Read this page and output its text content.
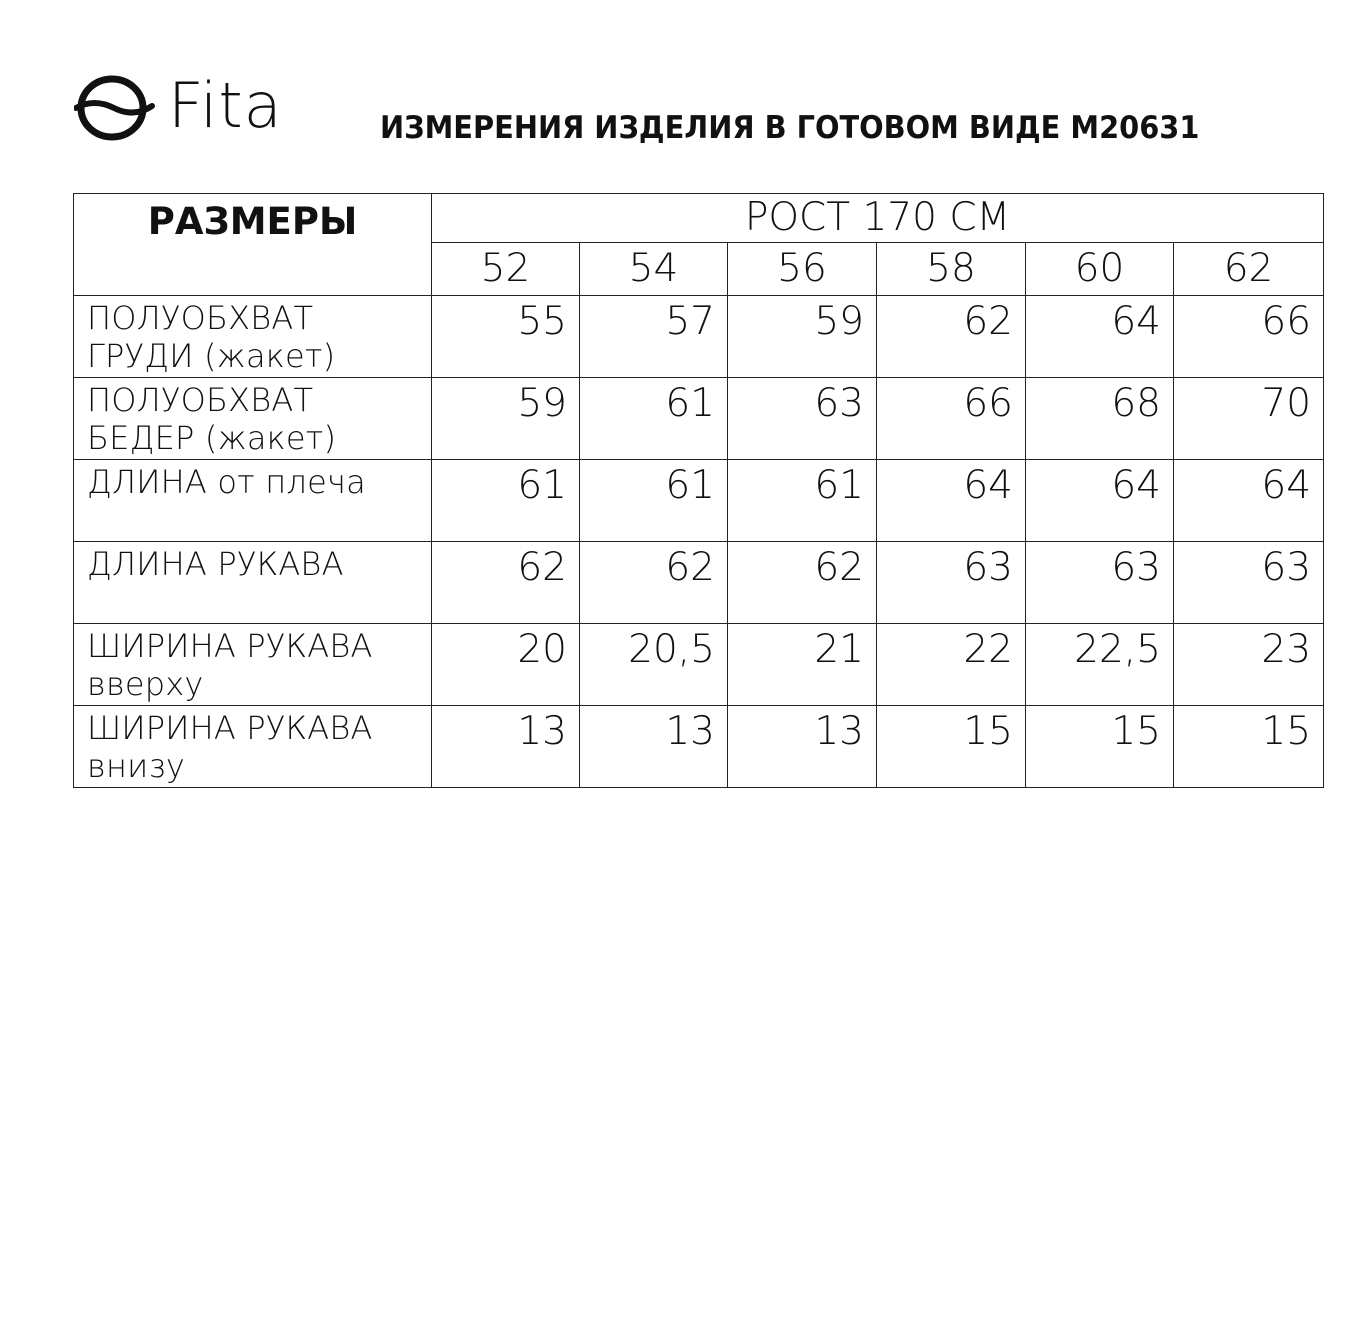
Fita	ИЗМЕРЕНИЯ ИЗДЕЛИЯ В ГОТОВОМ ВИДЕ М20631
РАЗМЕРЫ	РОСТ 170 СМ					
	52	54	56	58	60	62

ПОЛУОБХВАТ
ГРУДИ (жакет)	55	57	59	62	64	66

ПОЛУОБХВАТ
БЕДЕР (жакет)	59	61	63	66	68	70

ДЛИНА от плеча	61	61	61	64	64	64

ДЛИНА РУКАВА	62	62	62	63	63	63

ШИРИНА РУКАВА
вверху	20	20,5	21	22	22,5	23

ШИРИНА РУКАВА
внизу	13	13	13	15	15	15
